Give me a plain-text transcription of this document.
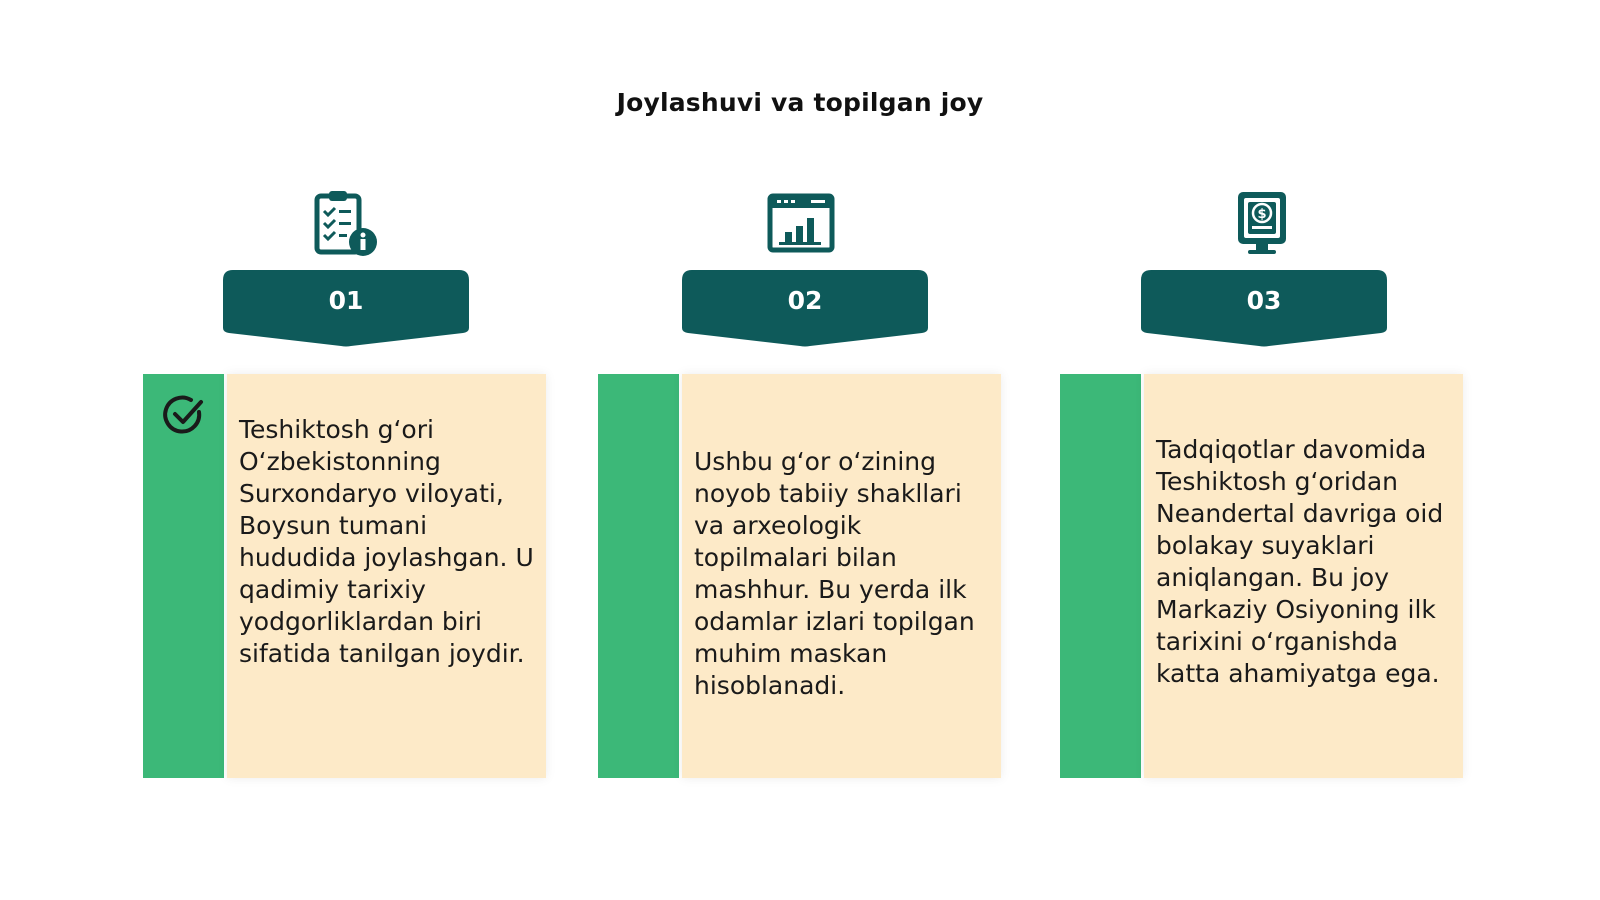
Joylashuvi va topilgan joy
$
01	02	03

Teshiktosh g‘ori O‘zbekistonning Surxondaryo viloyati, Boysun tumani hududida joylashgan. U qadimiy tarixiy yodgorliklardan biri sifatida tanilgan joydir.

Ushbu g‘or o‘zining noyob tabiiy shakllari va arxeologik topilmalari bilan mashhur. Bu yerda ilk odamlar izlari topilgan muhim maskan hisoblanadi.

Tadqiqotlar davomida Teshiktosh g‘oridan Neandertal davriga oid bolakay suyaklari aniqlangan. Bu joy Markaziy Osiyoning ilk tarixini o‘rganishda katta ahamiyatga ega.
